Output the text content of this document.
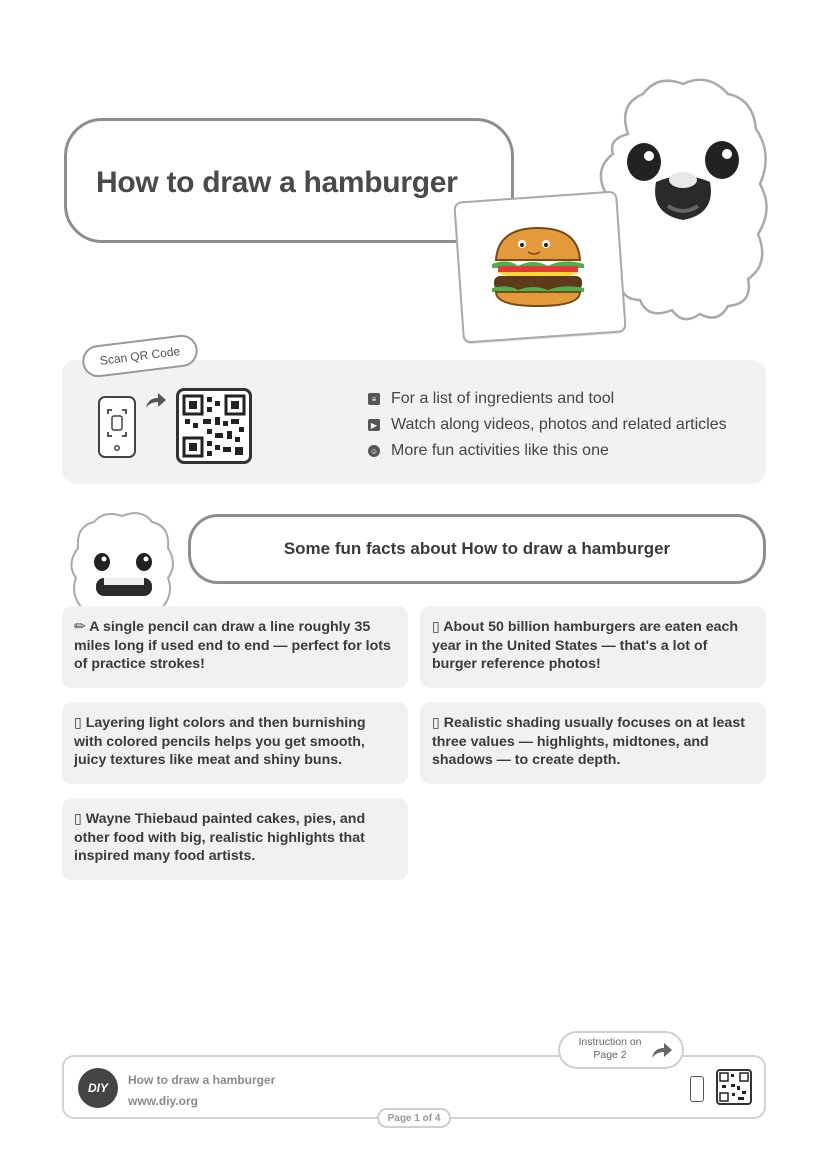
How to draw a hamburger
Scan QR Code
≡ For a list of ingredients and tool
▶ Watch along videos, photos and related articles
☺ More fun activities like this one
Some fun facts about How to draw a hamburger
✏ A single pencil can draw a line roughly 35 miles long if used end to end — perfect for lots of practice strokes!
▯ About 50 billion hamburgers are eaten each year in the United States — that's a lot of burger reference photos!
▯ Layering light colors and then burnishing with colored pencils helps you get smooth, juicy textures like meat and shiny buns.
▯ Realistic shading usually focuses on at least three values — highlights, midtones, and shadows — to create depth.
▯ Wayne Thiebaud painted cakes, pies, and other food with big, realistic highlights that inspired many food artists.
DIY
How to draw a hamburger
www.diy.org
Page 1 of 4
Instruction on Page 2
